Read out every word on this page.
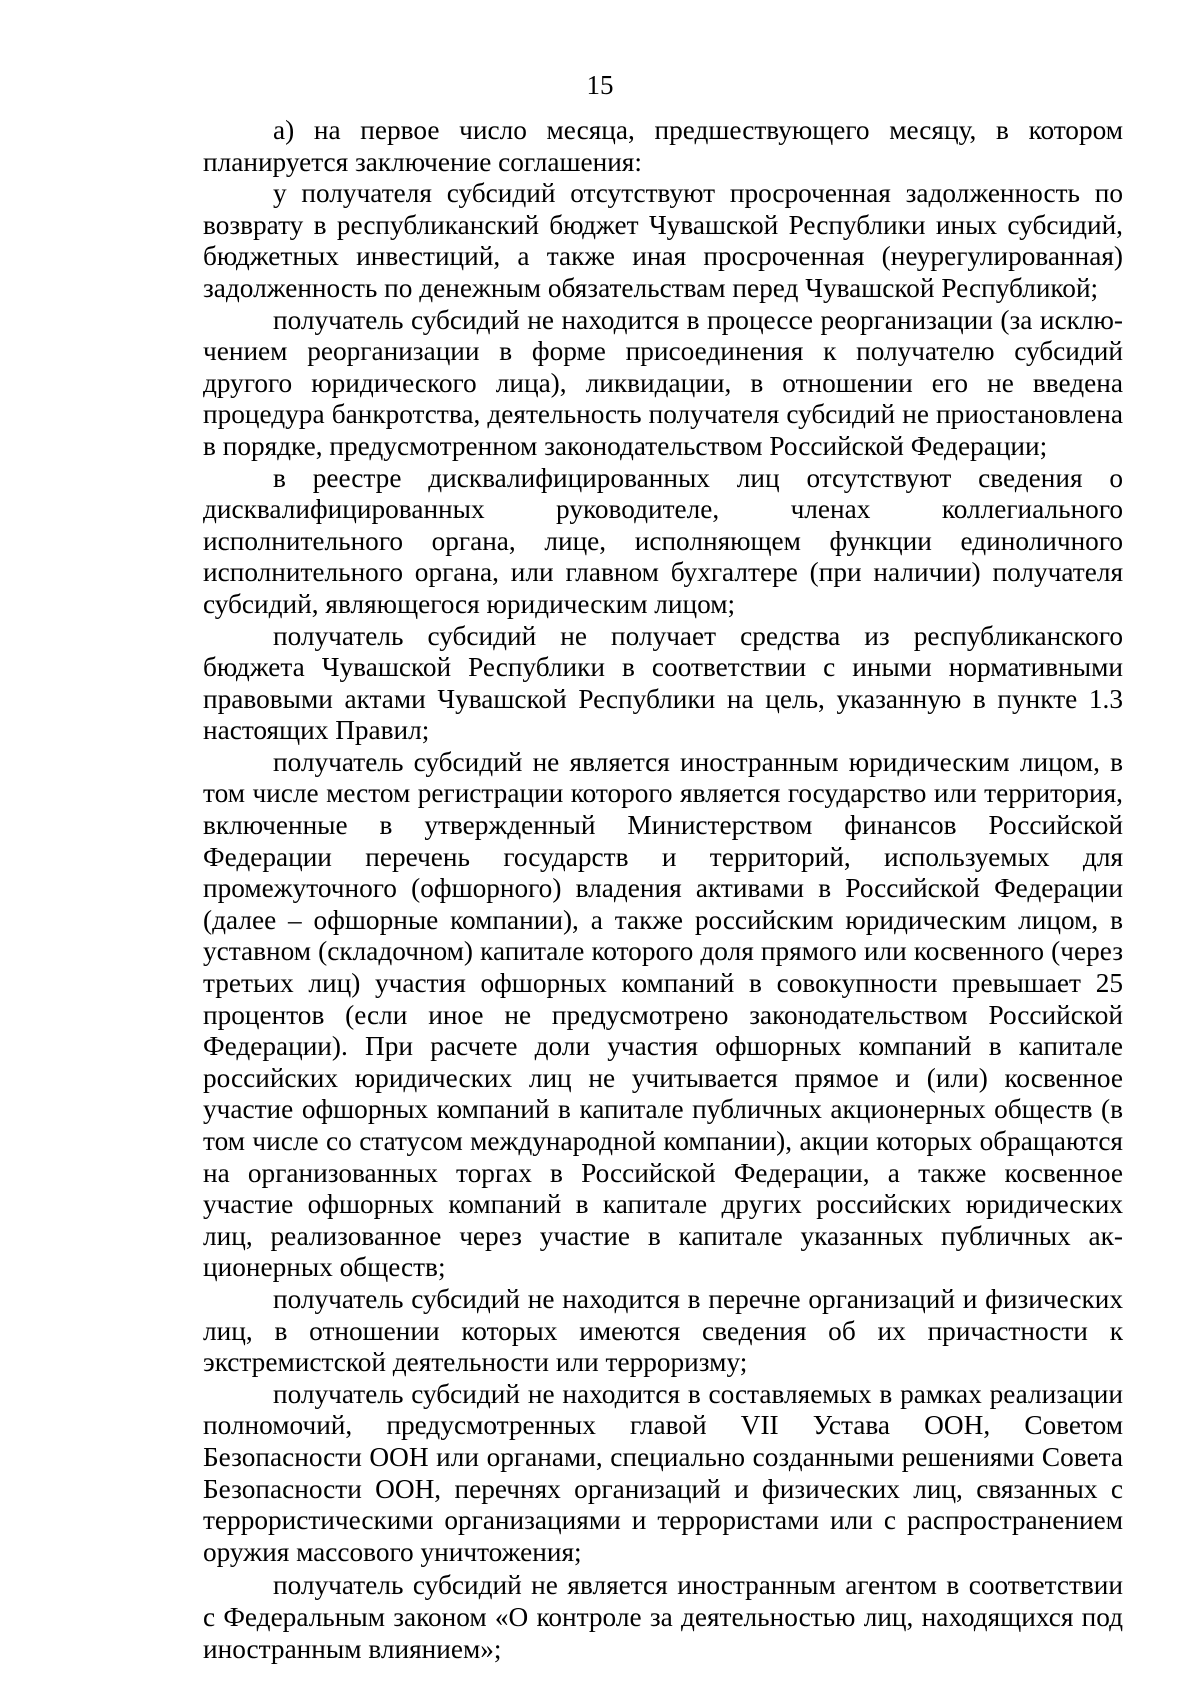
15

а) на первое число месяца, предшествующего месяцу, в котором планируется заключение соглашения:

у получателя субсидий отсутствуют просроченная задолженность по возврату в республиканский бюджет Чувашской Республики иных субсидий, бюджетных инвестиций, а также иная просроченная (неурегулированная) задолженность по денежным обязательствам перед Чувашской Республикой;

получатель субсидий не находится в процессе реорганизации (за исключением реорганизации в форме присоединения к получателю субсидий другого юридического лица), ликвидации, в отношении его не введена процедура банкротства, деятельность получателя субсидий не приостановлена в порядке, предусмотренном законодательством Российской Федерации;

в реестре дисквалифицированных лиц отсутствуют сведения о дисквалифицированных руководителе, членах коллегиального исполнительного органа, лице, исполняющем функции единоличного исполнительного органа, или главном бухгалтере (при наличии) получателя субсидий, являющегося юридическим лицом;

получатель субсидий не получает средства из республиканского бюджета Чувашской Республики в соответствии с иными нормативными правовыми актами Чувашской Республики на цель, указанную в пункте 1.3 настоящих Правил;

получатель субсидий не является иностранным юридическим лицом, в том числе местом регистрации которого является государство или территория, включенные в утвержденный Министерством финансов Российской Федерации перечень государств и территорий, используемых для промежуточного (офшорного) владения активами в Российской Федерации (далее – офшорные компании), а также российским юридическим лицом, в уставном (складочном) капитале которого доля прямого или косвенного (через третьих лиц) участия офшорных компаний в совокупности превышает 25 процентов (если иное не предусмотрено законодательством Российской Федерации). При расчете доли участия офшорных компаний в капитале российских юридических лиц не учитывается прямое и (или) косвенное участие офшорных компаний в капитале публичных акционерных обществ (в том числе со статусом международной компании), акции которых обращаются на организованных торгах в Российской Федерации, а также косвенное участие офшорных компаний в капитале других российских юридических лиц, реализованное через участие в капитале указанных публичных акционерных обществ;

получатель субсидий не находится в перечне организаций и физических лиц, в отношении которых имеются сведения об их причастности к экстремистской деятельности или терроризму;

получатель субсидий не находится в составляемых в рамках реализации полномочий, предусмотренных главой VII Устава ООН, Советом Безопасности ООН или органами, специально созданными решениями Совета Безопасности ООН, перечнях организаций и физических лиц, связанных с террористическими организациями и террористами или с распространением оружия массового уничтожения;

получатель субсидий не является иностранным агентом в соответствии с Федеральным законом «О контроле за деятельностью лиц, находящихся под иностранным влиянием»;
